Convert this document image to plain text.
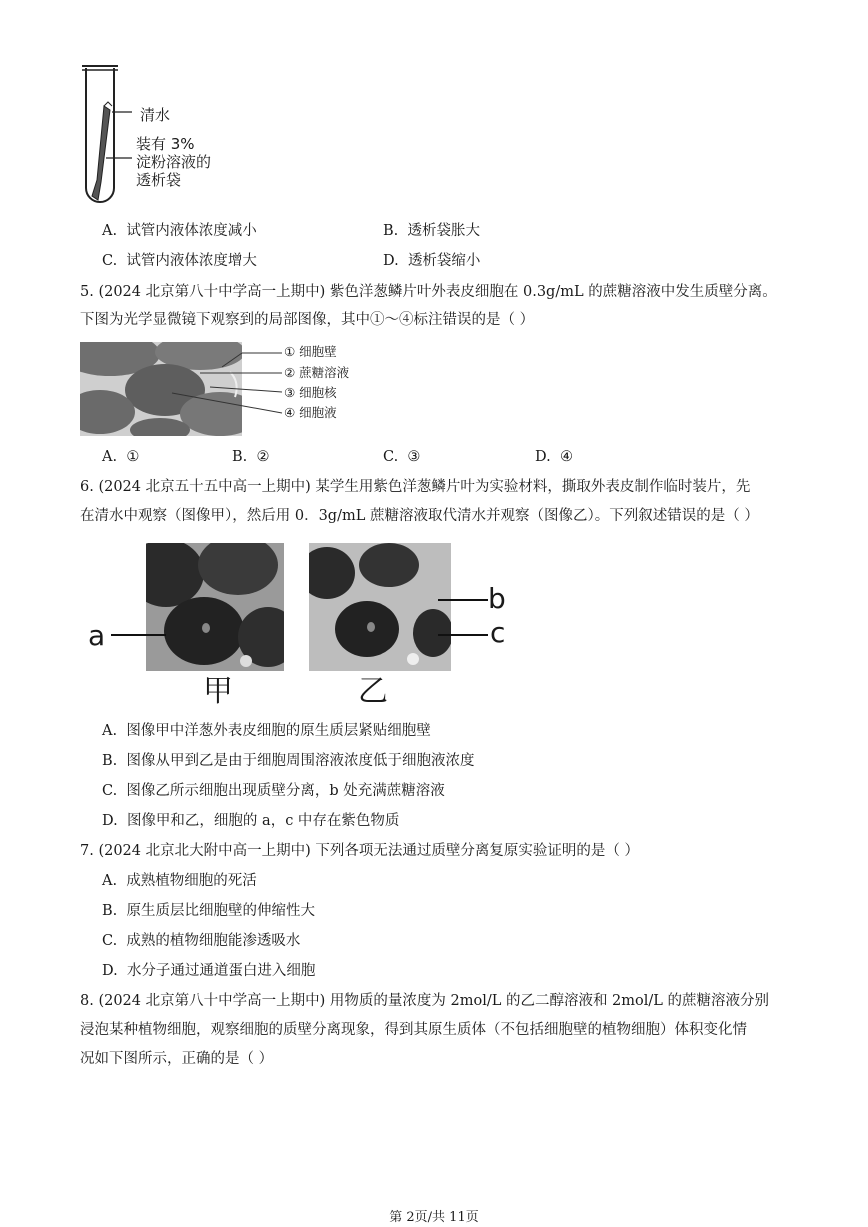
清水
装有 3%
淀粉溶液的
透析袋
A. 试管内液体浓度减小	B. 透析袋胀大
C. 试管内液体浓度增大	D. 透析袋缩小
5. (2024 北京第八十中学高一上期中) 紫色洋葱鳞片叶外表皮细胞在 0.3g/mL 的蔗糖溶液中发生质壁分离。
下图为光学显微镜下观察到的局部图像，其中①～④标注错误的是（ ）
① 细胞壁
② 蔗糖溶液
③ 细胞核
④ 细胞液
A. ①	B. ②	C. ③	D. ④
6. (2024 北京五十五中高一上期中) 某学生用紫色洋葱鳞片叶为实验材料，撕取外表皮制作临时装片，先
在清水中观察（图像甲），然后用 0．3g/mL 蔗糖溶液取代清水并观察（图像乙）。下列叙述错误的是（ ）
a
b
c
甲	乙
A. 图像甲中洋葱外表皮细胞的原生质层紧贴细胞壁
B. 图像从甲到乙是由于细胞周围溶液浓度低于细胞液浓度
C. 图像乙所示细胞出现质壁分离，b 处充满蔗糖溶液
D. 图像甲和乙，细胞的 a，c 中存在紫色物质
7. (2024 北京北大附中高一上期中) 下列各项无法通过质壁分离复原实验证明的是（ ）
A. 成熟植物细胞的死活
B. 原生质层比细胞壁的伸缩性大
C. 成熟的植物细胞能渗透吸水
D. 水分子通过通道蛋白进入细胞
8. (2024 北京第八十中学高一上期中) 用物质的量浓度为 2mol/L 的乙二醇溶液和 2mol/L 的蔗糖溶液分别
浸泡某种植物细胞，观察细胞的质壁分离现象，得到其原生质体（不包括细胞壁的植物细胞）体积变化情
况如下图所示，正确的是（ ）
第 2页/共 11页
